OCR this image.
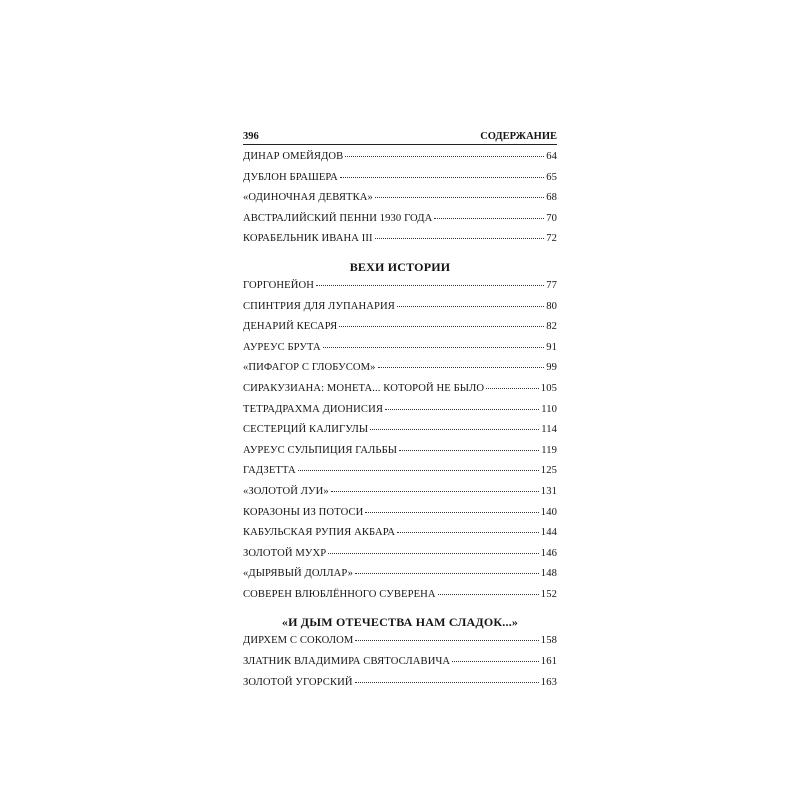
396	СОДЕРЖАНИЕ
ДИНАР ОМЕЙЯДОВ	64
ДУБЛОН БРАШЕРА	65
«ОДИНОЧНАЯ ДЕВЯТКА»	68
АВСТРАЛИЙСКИЙ ПЕННИ 1930 ГОДА	70
КОРАБЕЛЬНИК ИВАНА III	72
ВЕХИ ИСТОРИИ
ГОРГОНЕЙОН	77
СПИНТРИЯ ДЛЯ ЛУПАНАРИЯ	80
ДЕНАРИЙ КЕСАРЯ	82
АУРЕУС БРУТА	91
«ПИФАГОР С ГЛОБУСОМ»	99
СИРАКУЗИАНА: МОНЕТА... КОТОРОЙ НЕ БЫЛО	105
ТЕТРАДРАХМА ДИОНИСИЯ	110
СЕСТЕРЦИЙ КАЛИГУЛЫ	114
АУРЕУС СУЛЬПИЦИЯ ГАЛЬБЫ	119
ГАДЗЕТТА	125
«ЗОЛОТОЙ ЛУИ»	131
КОРАЗОНЫ ИЗ ПОТОСИ	140
КАБУЛЬСКАЯ РУПИЯ АКБАРА	144
ЗОЛОТОЙ МУХР	146
«ДЫРЯВЫЙ ДОЛЛАР»	148
СОВЕРЕН ВЛЮБЛЁННОГО СУВЕРЕНА	152
«И ДЫМ ОТЕЧЕСТВА НАМ СЛАДОК...»
ДИРХЕМ С СОКОЛОМ	158
ЗЛАТНИК ВЛАДИМИРА СВЯТОСЛАВИЧА	161
ЗОЛОТОЙ УГОРСКИЙ	163
